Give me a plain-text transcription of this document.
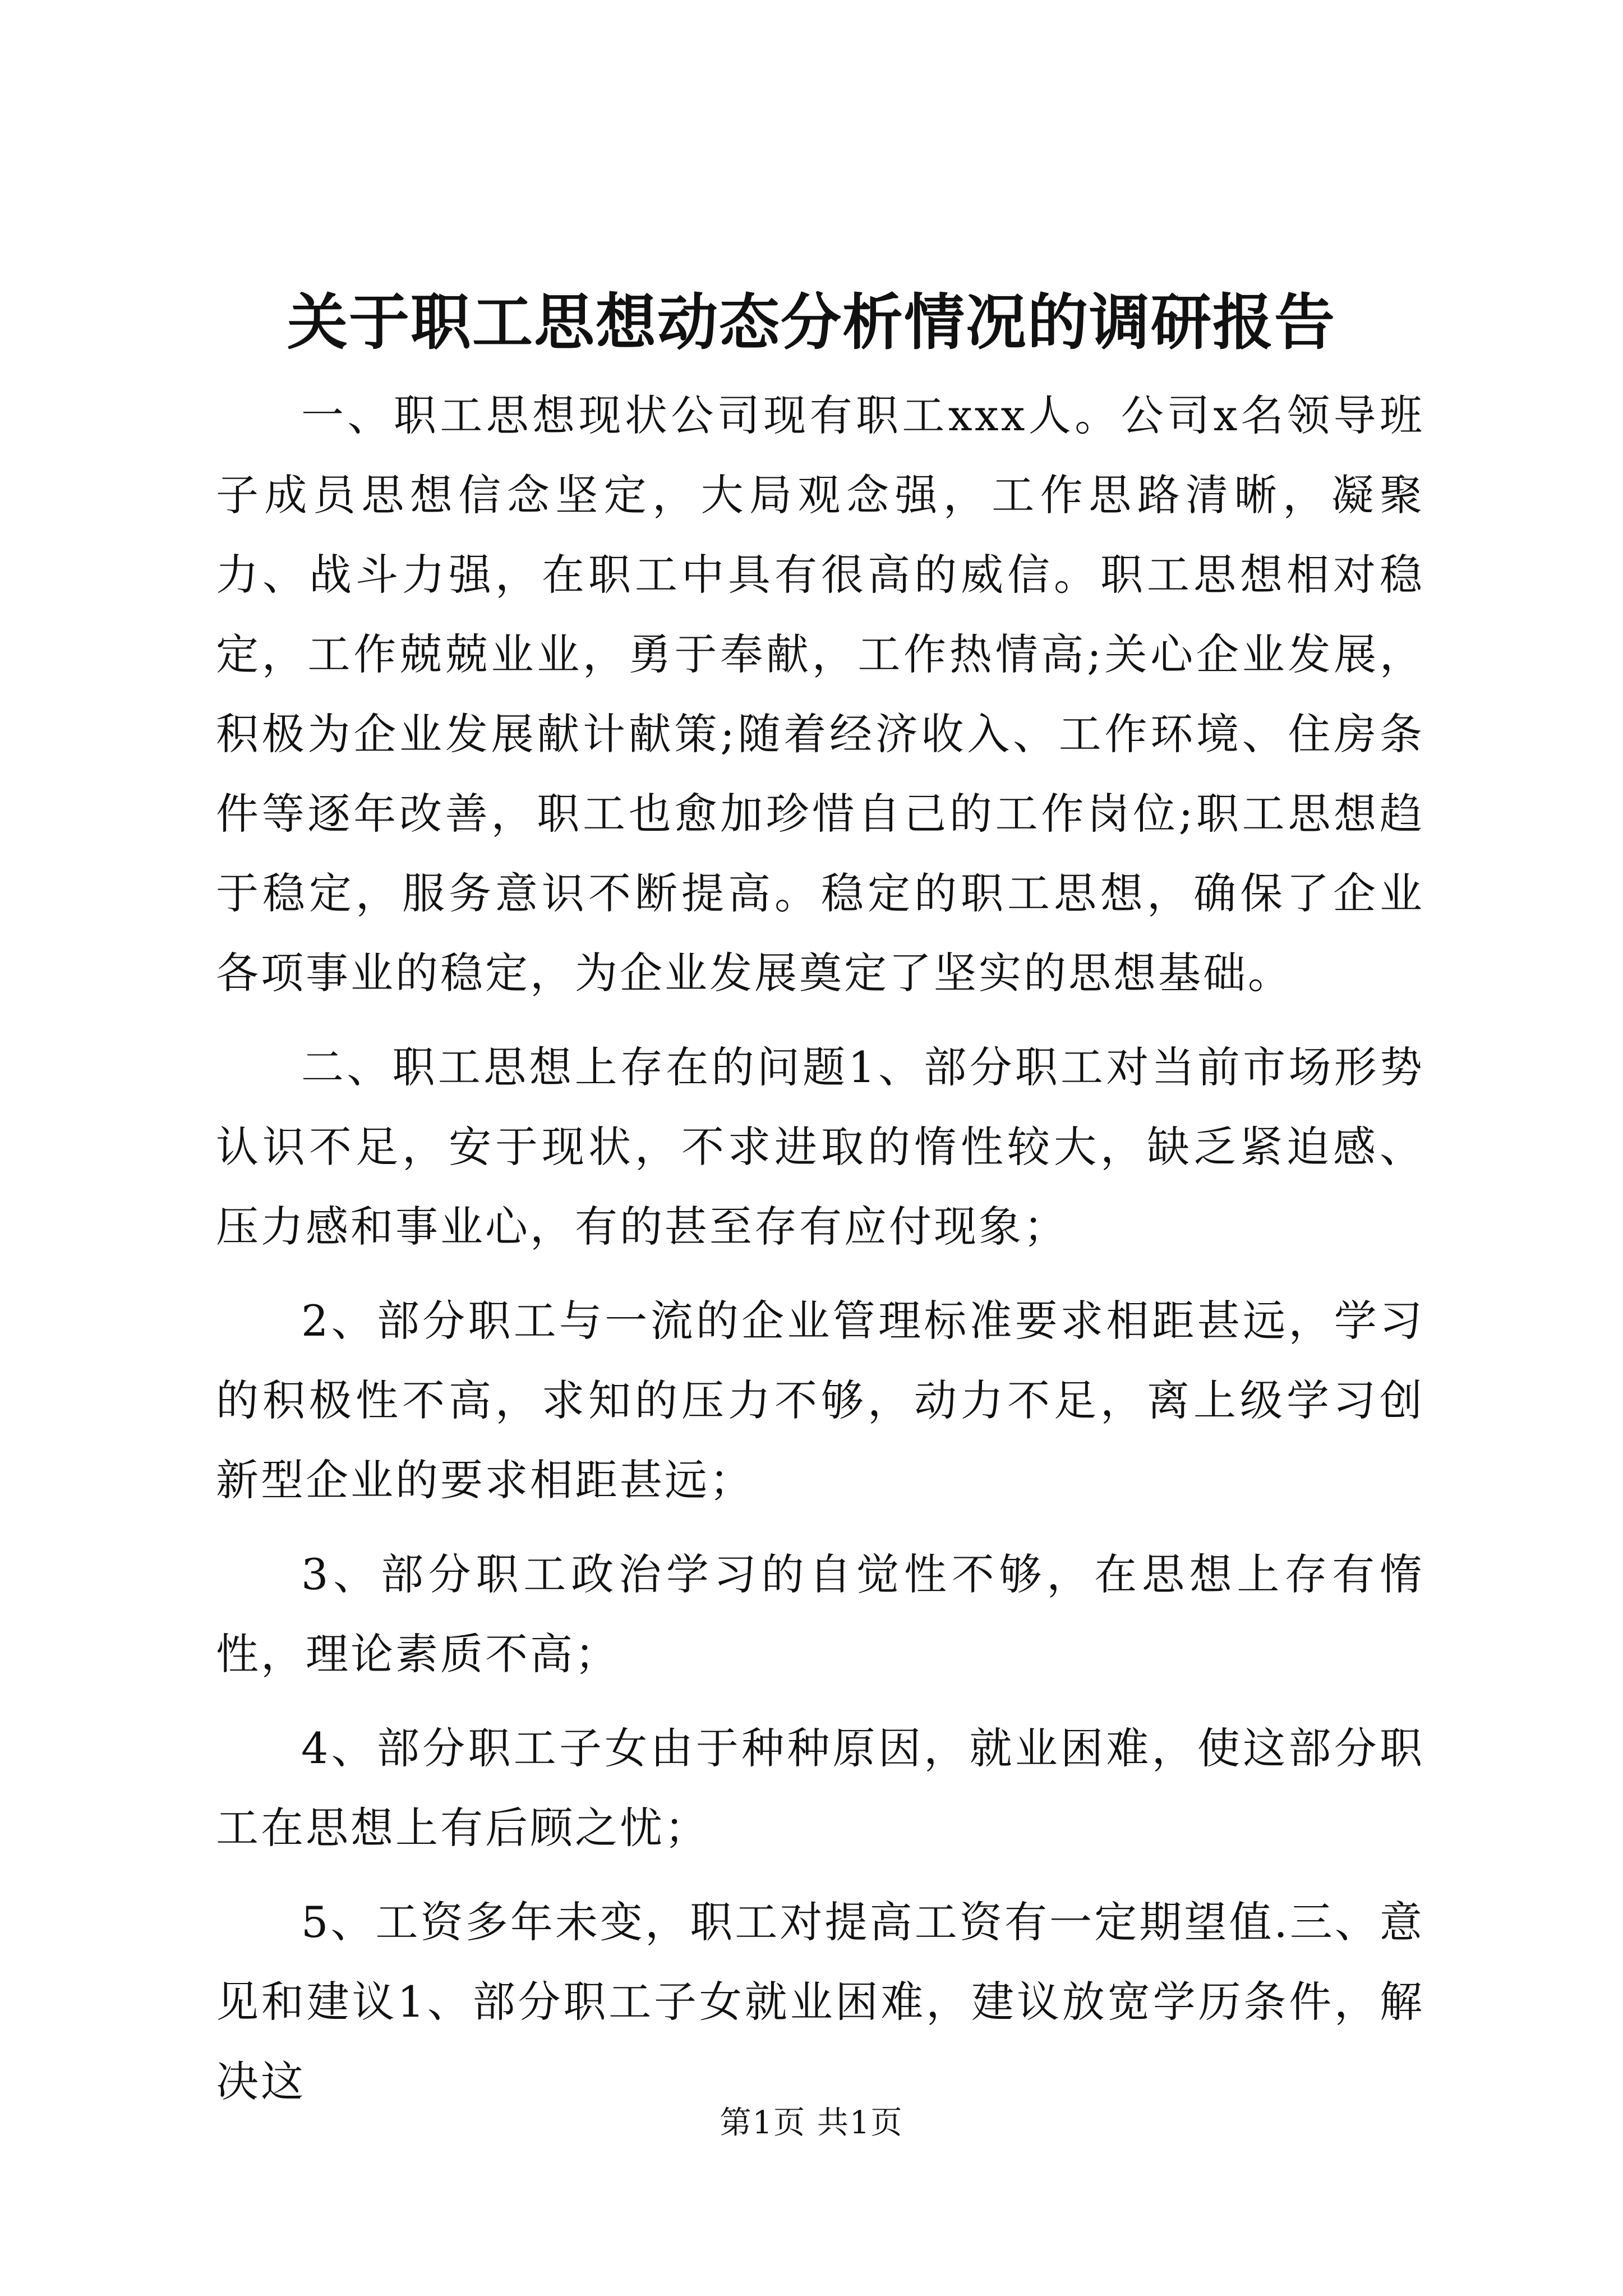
关于职工思想动态分析情况的调研报告

一、职工思想现状公司现有职工xxx人。公司x名领导班子成员思想信念坚定，大局观念强，工作思路清晰，凝聚力、战斗力强，在职工中具有很高的威信。职工思想相对稳定，工作兢兢业业，勇于奉献，工作热情高;关心企业发展，积极为企业发展献计献策;随着经济收入、工作环境、住房条件等逐年改善，职工也愈加珍惜自己的工作岗位;职工思想趋于稳定，服务意识不断提高。稳定的职工思想，确保了企业各项事业的稳定，为企业发展奠定了坚实的思想基础。

二、职工思想上存在的问题1、部分职工对当前市场形势认识不足，安于现状，不求进取的惰性较大，缺乏紧迫感、压力感和事业心，有的甚至存有应付现象；

2、部分职工与一流的企业管理标准要求相距甚远，学习的积极性不高，求知的压力不够，动力不足，离上级学习创新型企业的要求相距甚远；

3、部分职工政治学习的自觉性不够，在思想上存有惰性，理论素质不高；

4、部分职工子女由于种种原因，就业困难，使这部分职工在思想上有后顾之忧；

5、工资多年未变，职工对提高工资有一定期望值.三、意见和建议1、部分职工子女就业困难，建议放宽学历条件，解决这

第1页 共1页
